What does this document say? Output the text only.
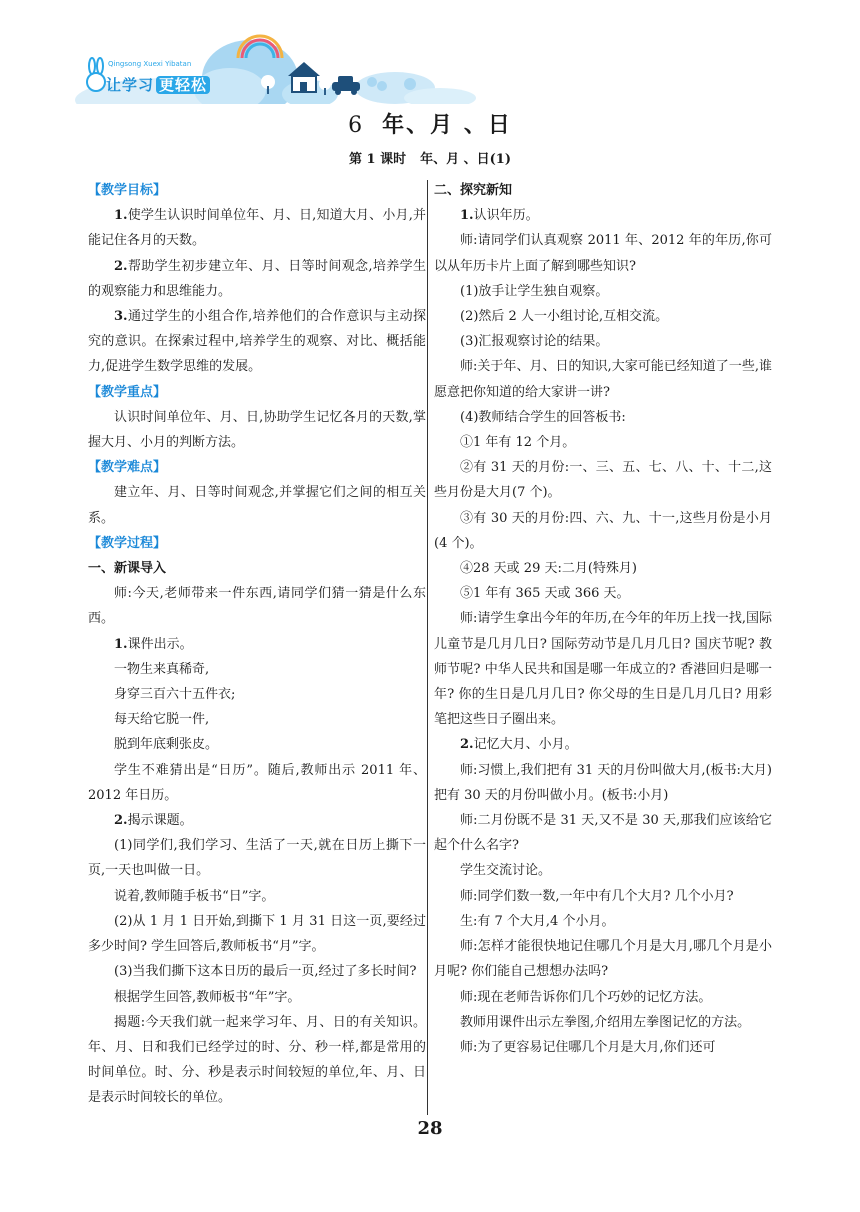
Qingsong Xuexi Yibatan
让学习 更轻松
6 年、月 、日
第 1 课时 年、月 、日(1)

【教学目标】

1.使学生认识时间单位年、月、日,知道大月、小月,并能记住各月的天数。

2.帮助学生初步建立年、月、日等时间观念,培养学生的观察能力和思维能力。

3.通过学生的小组合作,培养他们的合作意识与主动探究的意识。在探索过程中,培养学生的观察、对比、概括能力,促进学生数学思维的发展。

【教学重点】

认识时间单位年、月、日,协助学生记忆各月的天数,掌握大月、小月的判断方法。

【教学难点】

建立年、月、日等时间观念,并掌握它们之间的相互关系。

【教学过程】

一、新课导入

师:今天,老师带来一件东西,请同学们猜一猜是什么东西。

1.课件出示。

一物生来真稀奇,

身穿三百六十五件衣;

每天给它脱一件,

脱到年底剩张皮。

学生不难猜出是“日历”。随后,教师出示 2011 年、2012 年日历。

2.揭示课题。

(1)同学们,我们学习、生活了一天,就在日历上撕下一页,一天也叫做一日。

说着,教师随手板书“日”字。

(2)从 1 月 1 日开始,到撕下 1 月 31 日这一页,要经过多少时间? 学生回答后,教师板书“月”字。

(3)当我们撕下这本日历的最后一页,经过了多长时间?

根据学生回答,教师板书“年”字。

揭题:今天我们就一起来学习年、月、日的有关知识。年、月、日和我们已经学过的时、分、秒一样,都是常用的时间单位。时、分、秒是表示时间较短的单位,年、月、日是表示时间较长的单位。

二、探究新知

1.认识年历。

师:请同学们认真观察 2011 年、2012 年的年历,你可以从年历卡片上面了解到哪些知识?

(1)放手让学生独自观察。

(2)然后 2 人一小组讨论,互相交流。

(3)汇报观察讨论的结果。

师:关于年、月、日的知识,大家可能已经知道了一些,谁愿意把你知道的给大家讲一讲?

(4)教师结合学生的回答板书:

①1 年有 12 个月。

②有 31 天的月份:一、三、五、七、八、十、十二,这些月份是大月(7 个)。

③有 30 天的月份:四、六、九、十一,这些月份是小月(4 个)。

④28 天或 29 天:二月(特殊月)

⑤1 年有 365 天或 366 天。

师:请学生拿出今年的年历,在今年的年历上找一找,国际儿童节是几月几日? 国际劳动节是几月几日? 国庆节呢? 教师节呢? 中华人民共和国是哪一年成立的? 香港回归是哪一年? 你的生日是几月几日? 你父母的生日是几月几日? 用彩笔把这些日子圈出来。

2.记忆大月、小月。

师:习惯上,我们把有 31 天的月份叫做大月,(板书:大月)把有 30 天的月份叫做小月。(板书:小月)

师:二月份既不是 31 天,又不是 30 天,那我们应该给它起个什么名字?

学生交流讨论。

师:同学们数一数,一年中有几个大月? 几个小月?

生:有 7 个大月,4 个小月。

师:怎样才能很快地记住哪几个月是大月,哪几个月是小月呢? 你们能自己想想办法吗?

师:现在老师告诉你们几个巧妙的记忆方法。

教师用课件出示左拳图,介绍用左拳图记忆的方法。

师:为了更容易记住哪几个月是大月,你们还可

28
